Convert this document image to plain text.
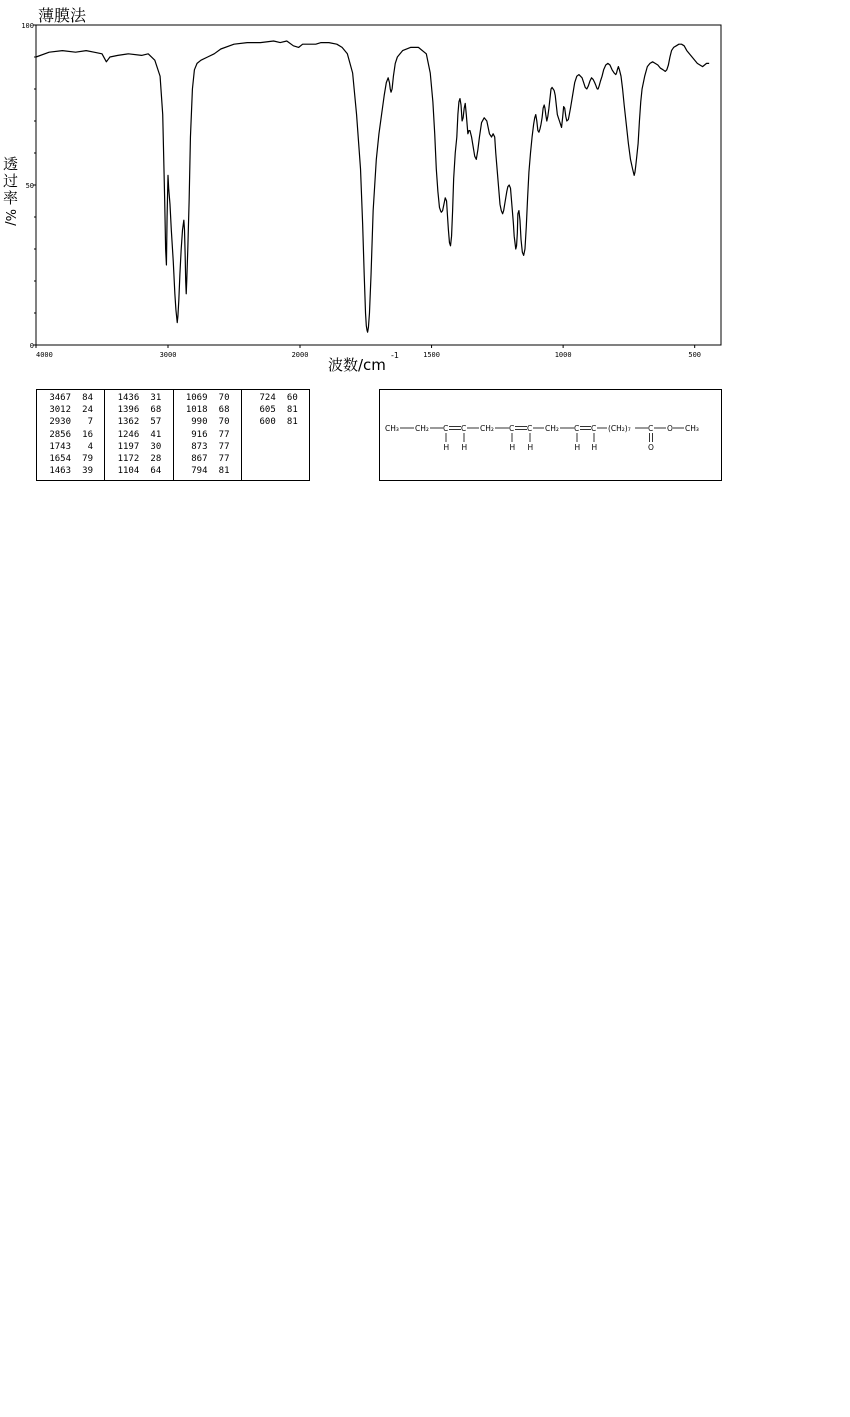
薄膜法
4000	3000	2000	1500	1000	500
0
50
100
波数/cm
-1
透
过
率
%/
3467	84
3012	24
2930	7
2856	16
1743	4
1654	79
1463	39
1436	31
1396	68
1362	57
1246	41
1197	30
1172	28
1104	64
1069	70
1018	68
990	70
916	77
873	77
867	77
794	81
724	60
605	81
600	81
CH₃ CH₂ C C CH₂ C C CH₂ C C (CH₂)₇ C O CH₃
H H	H H	H H	O
